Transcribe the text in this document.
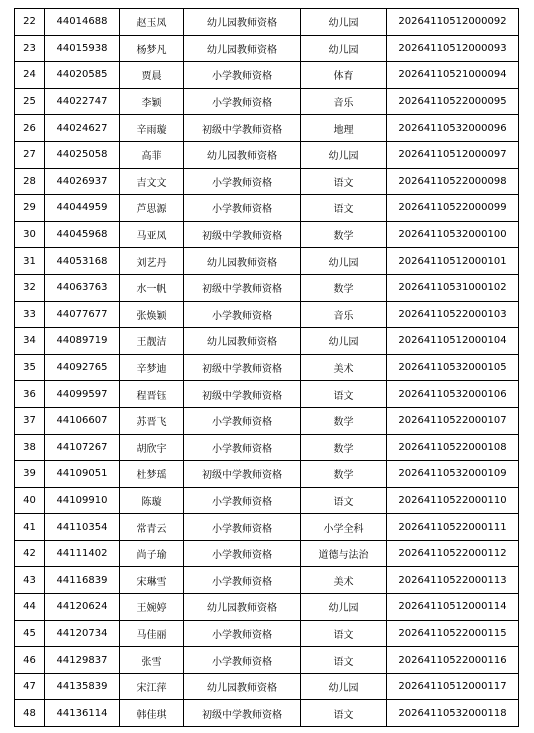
22	44014688	赵玉凤	幼儿园教师资格	幼儿园	20264110512000092
23	44015938	杨梦凡	幼儿园教师资格	幼儿园	20264110512000093
24	44020585	贾晨	小学教师资格	体育	20264110521000094
25	44022747	李颖	小学教师资格	音乐	20264110522000095
26	44024627	辛雨璇	初级中学教师资格	地理	20264110532000096
27	44025058	高菲	幼儿园教师资格	幼儿园	20264110512000097
28	44026937	吉文文	小学教师资格	语文	20264110522000098
29	44044959	芦思源	小学教师资格	语文	20264110522000099
30	44045968	马亚凤	初级中学教师资格	数学	20264110532000100
31	44053168	刘艺丹	幼儿园教师资格	幼儿园	20264110512000101
32	44063763	水一帆	初级中学教师资格	数学	20264110531000102
33	44077677	张焕颖	小学教师资格	音乐	20264110522000103
34	44089719	王靓洁	幼儿园教师资格	幼儿园	20264110512000104
35	44092765	辛梦迪	初级中学教师资格	美术	20264110532000105
36	44099597	程晋钰	初级中学教师资格	语文	20264110532000106
37	44106607	苏晋飞	小学教师资格	数学	20264110522000107
38	44107267	胡欣宇	小学教师资格	数学	20264110522000108
39	44109051	杜梦瑶	初级中学教师资格	数学	20264110532000109
40	44109910	陈璇	小学教师资格	语文	20264110522000110
41	44110354	常青云	小学教师资格	小学全科	20264110522000111
42	44111402	尚子瑜	小学教师资格	道德与法治	20264110522000112
43	44116839	宋琳雪	小学教师资格	美术	20264110522000113
44	44120624	王婉婷	幼儿园教师资格	幼儿园	20264110512000114
45	44120734	马佳丽	小学教师资格	语文	20264110522000115
46	44129837	张雪	小学教师资格	语文	20264110522000116
47	44135839	宋江萍	幼儿园教师资格	幼儿园	20264110512000117
48	44136114	韩佳琪	初级中学教师资格	语文	20264110532000118
